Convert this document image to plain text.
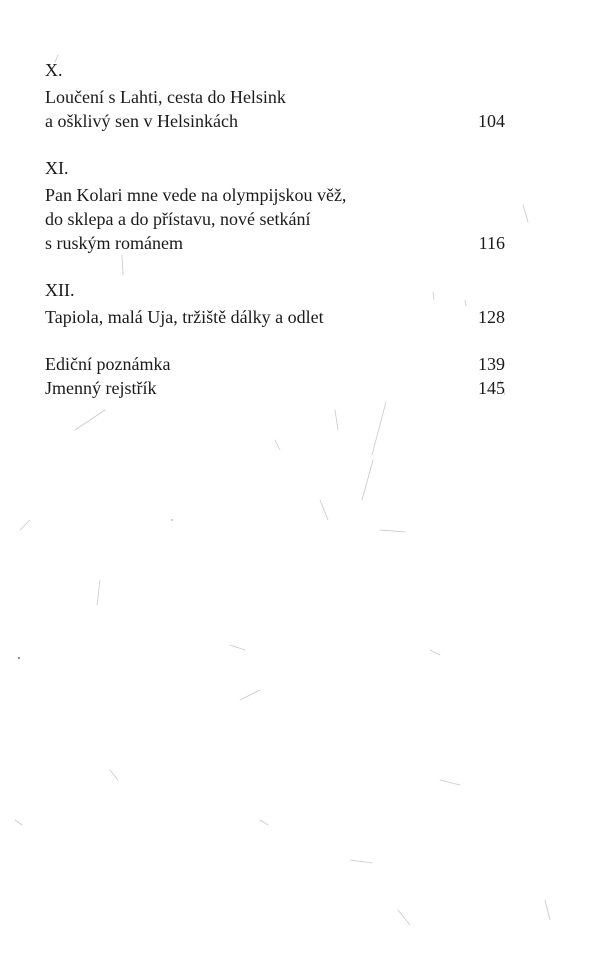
X.
Loučení s Lahti, cesta do Helsink
a ošklivý sen v Helsinkách	104
XI.
Pan Kolari mne vede na olympijskou věž,
do sklepa a do přístavu, nové setkání
s ruským románem	116
XII.
Tapiola, malá Uja, tržiště dálky a odlet	128
Ediční poznámka	139
Jmenný rejstřík	145
